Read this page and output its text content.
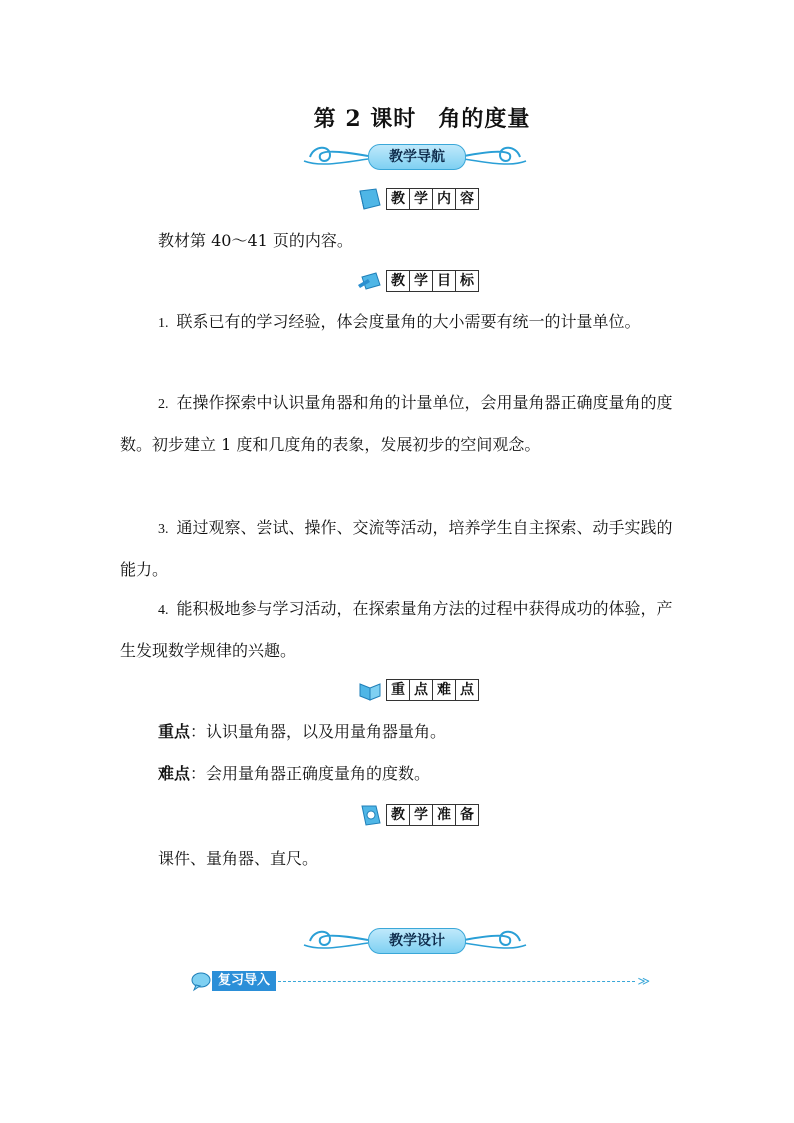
第 2 课时 角的度量
教学导航
教 学 内 容
教材第 40～41 页的内容。
教 学 目 标
1. 联系已有的学习经验，体会度量角的大小需要有统一的计量单位。
2. 在操作探索中认识量角器和角的计量单位，会用量角器正确度量角的度 数。初步建立 1 度和几度角的表象，发展初步的空间观念。
3. 通过观察、尝试、操作、交流等活动，培养学生自主探索、动手实践的能力。
4. 能积极地参与学习活动，在探索量角方法的过程中获得成功的体验，产生发现数学规律的兴趣。
重 点 难 点
重点：认识量角器，以及用量角器量角。
难点：会用量角器正确度量角的度数。
教 学 准 备
课件、量角器、直尺。
教学设计
复习导入	≫
